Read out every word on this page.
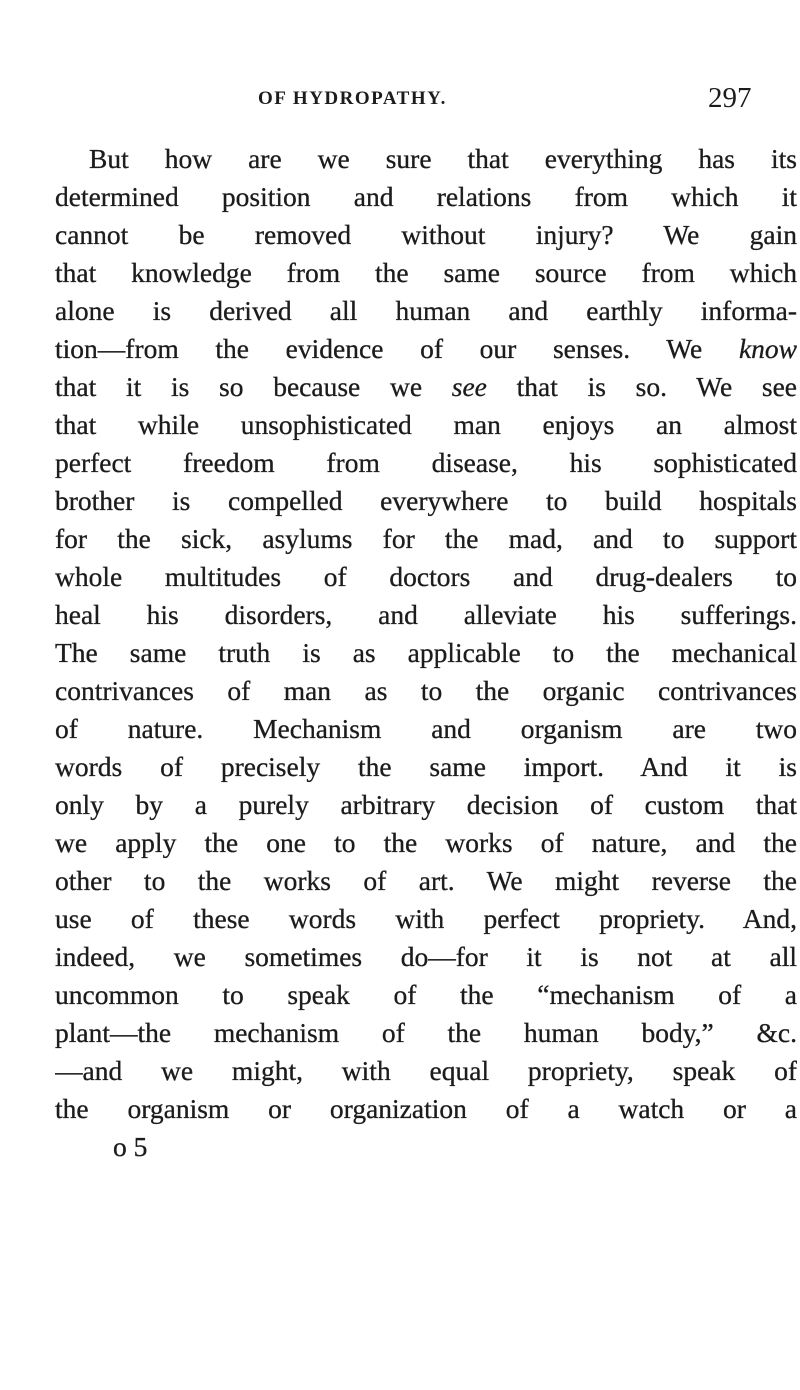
OF HYDROPATHY.	297
But how are we sure that everything has its
determined position and relations from which it
cannot be removed without injury? We gain
that knowledge from the same source from which
alone is derived all human and earthly informa-
tion—from the evidence of our senses. We know
that it is so because we see that is so. We see
that while unsophisticated man enjoys an almost
perfect freedom from disease, his sophisticated
brother is compelled everywhere to build hospitals
for the sick, asylums for the mad, and to support
whole multitudes of doctors and drug-dealers to
heal his disorders, and alleviate his sufferings.
The same truth is as applicable to the mechanical
contrivances of man as to the organic contrivances
of nature. Mechanism and organism are two
words of precisely the same import. And it is
only by a purely arbitrary decision of custom that
we apply the one to the works of nature, and the
other to the works of art. We might reverse the
use of these words with perfect propriety. And,
indeed, we sometimes do—for it is not at all
uncommon to speak of the “mechanism of a
plant—the mechanism of the human body,” &c.
—and we might, with equal propriety, speak of
the organism or organization of a watch or a
o 5
